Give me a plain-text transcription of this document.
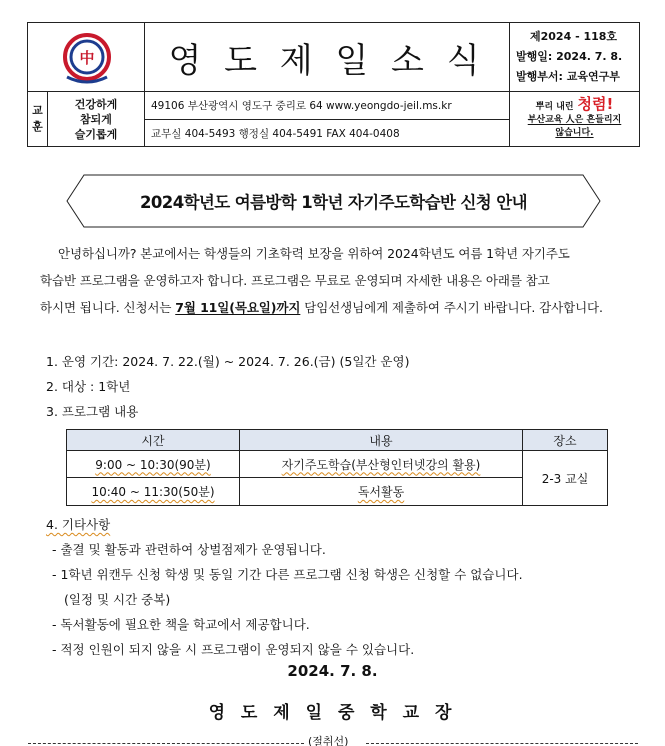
中 영 도 제 일 소 식
제2024 - 118호
발행일: 2024. 7. 8.
발행부서: 교육연구부
교
훈
건강하게
참되게
슬기롭게
49106 부산광역시 영도구 중리로 64 www.yeongdo-jeil.ms.kr
교무실 404-5493 행정실 404-5491 FAX 404-0408
뿌리 내린 청렴!
부산교육 人은 흔들리지
않습니다.
2024학년도 여름방학 1학년 자기주도학습반 신청 안내
안녕하십니까? 본교에서는 학생들의 기초학력 보장을 위하여 2024학년도 여름 1학년 자기주도
학습반 프로그램을 운영하고자 합니다. 프로그램은 무료로 운영되며 자세한 내용은 아래를 참고
하시면 됩니다. 신청서는 7월 11일(목요일)까지 담임선생님에게 제출하여 주시기 바랍니다. 감사합니다.
1. 운영 기간: 2024. 7. 22.(월) ~ 2024. 7. 26.(금) (5일간 운영)
2. 대상 : 1학년
3. 프로그램 내용
시간	내용	장소
9:00 ~ 10:30(90분)	자기주도학습(부산형인터넷강의 활용)
10:40 ~ 11:30(50분)	독서활동
2-3 교실
4. 기타사항
- 출결 및 활동과 관련하여 상벌점제가 운영됩니다.
- 1학년 위캔두 신청 학생 및 동일 기간 다른 프로그램 신청 학생은 신청할 수 없습니다.
(일정 및 시간 중복)
- 독서활동에 필요한 책을 학교에서 제공합니다.
- 적정 인원이 되지 않을 시 프로그램이 운영되지 않을 수 있습니다.
2024. 7. 8.
영 도 제 일 중 학 교 장
(절취선)
